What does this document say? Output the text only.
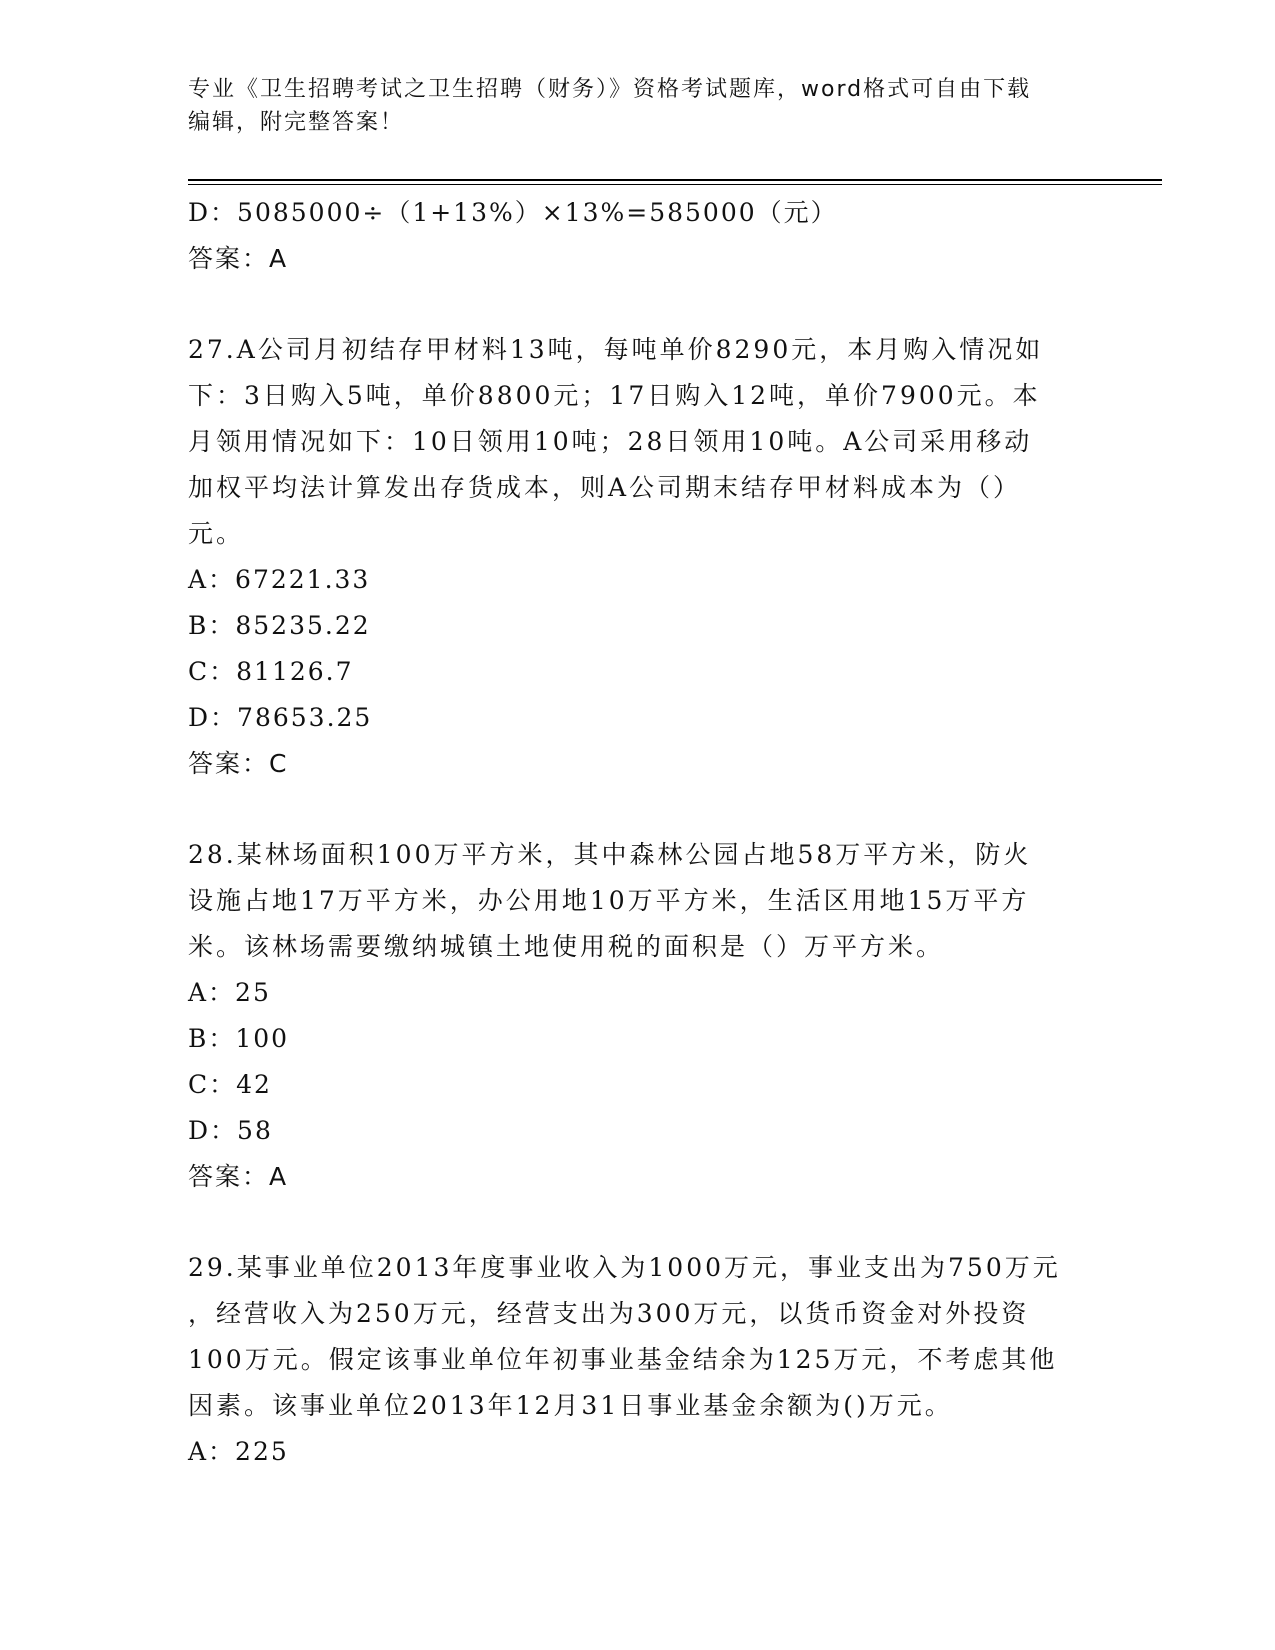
专业《卫生招聘考试之卫生招聘（财务）》资格考试题库，word格式可自由下载
编辑，附完整答案！
D：5085000÷（1+13%）×13%=585000（元）
答案：A
27.A公司月初结存甲材料13吨，每吨单价8290元，本月购入情况如
下：3日购入5吨，单价8800元；17日购入12吨，单价7900元。本
月领用情况如下：10日领用10吨；28日领用10吨。A公司采用移动
加权平均法计算发出存货成本，则A公司期末结存甲材料成本为（）
元。
A：67221.33
B：85235.22
C：81126.7
D：78653.25
答案：C
28.某林场面积100万平方米，其中森林公园占地58万平方米，防火
设施占地17万平方米，办公用地10万平方米，生活区用地15万平方
米。该林场需要缴纳城镇土地使用税的面积是（）万平方米。
A：25
B：100
C：42
D：58
答案：A
29.某事业单位2013年度事业收入为1000万元，事业支出为750万元
，经营收入为250万元，经营支出为300万元，以货币资金对外投资
100万元。假定该事业单位年初事业基金结余为125万元，不考虑其他
因素。该事业单位2013年12月31日事业基金余额为()万元。
A：225
